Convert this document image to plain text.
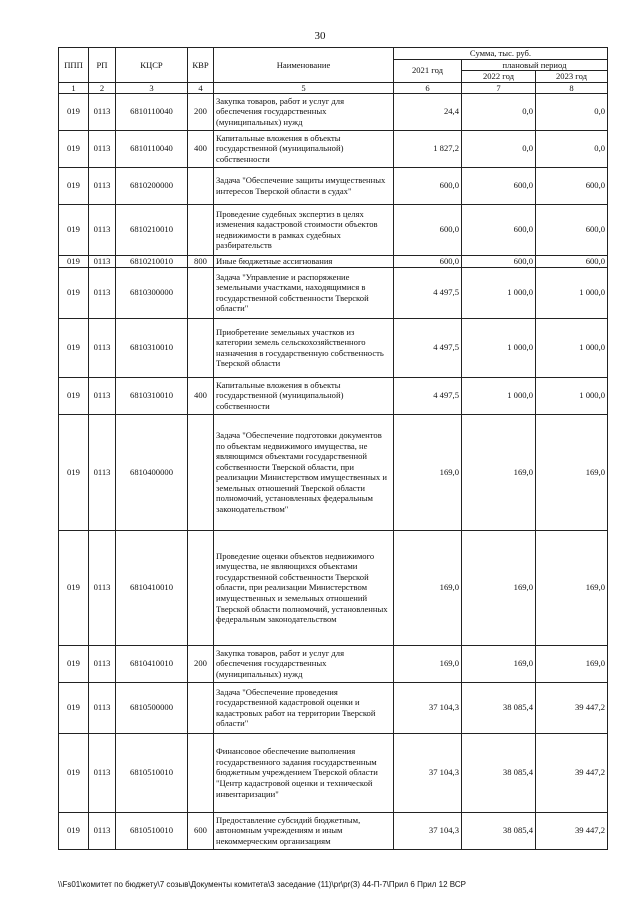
30
ППП	РП	КЦСР	КВР	Наименование	Сумма, тыс. руб.		
					2021 год	плановый период	
						2022 год	2023 год
1	2	3	4	5	6	7	8
019	0113	6810110040	200	Закупка товаров, работ и услуг для обеспечения государственных (муниципальных) нужд	24,4	0,0	0,0
019	0113	6810110040	400	Капитальные вложения в объекты государственной (муниципальной) собственности	1 827,2	0,0	0,0
019	0113	6810200000		Задача "Обеспечение защиты имущественных интересов Тверской области в судах"	600,0	600,0	600,0
019	0113	6810210010		Проведение судебных экспертиз в целях изменения кадастровой стоимости объектов недвижимости в рамках судебных разбирательств	600,0	600,0	600,0
019	0113	6810210010	800	Иные бюджетные ассигнования	600,0	600,0	600,0
019	0113	6810300000		Задача "Управление и распоряжение земельными участками, находящимися в государственной собственности Тверской области"	4 497,5	1 000,0	1 000,0
019	0113	6810310010		Приобретение земельных участков из категории земель сельскохозяйственного назначения в государственную собственность Тверской области	4 497,5	1 000,0	1 000,0
019	0113	6810310010	400	Капитальные вложения в объекты государственной (муниципальной) собственности	4 497,5	1 000,0	1 000,0
019	0113	6810400000		Задача "Обеспечение подготовки документов по объектам недвижимого имущества, не являющимся объектами государственной собственности Тверской области, при реализации Министерством имущественных и земельных отношений Тверской области полномочий, установленных федеральным законодательством"	169,0	169,0	169,0
019	0113	6810410010		Проведение оценки объектов недвижимого имущества, не являющихся объектами государственной собственности Тверской области, при реализации Министерством имущественных и земельных отношений Тверской области полномочий, установленных федеральным законодательством	169,0	169,0	169,0
019	0113	6810410010	200	Закупка товаров, работ и услуг для обеспечения государственных (муниципальных) нужд	169,0	169,0	169,0
019	0113	6810500000		Задача "Обеспечение проведения государственной кадастровой оценки и кадастровых работ на территории Тверской области"	37 104,3	38 085,4	39 447,2
019	0113	6810510010		Финансовое обеспечение выполнения государственного задания государственным бюджетным учреждением Тверской области "Центр кадастровой оценки и технической инвентаризации"	37 104,3	38 085,4	39 447,2
019	0113	6810510010	600	Предоставление субсидий бюджетным, автономным учреждениям и иным некоммерческим организациям	37 104,3	38 085,4	39 447,2
\\Fs01\комитет по бюджету\7 созыв\Документы комитета\3 заседание (11)\pr\pr(3) 44-П-7\Прил 6 Прил 12 ВСР
